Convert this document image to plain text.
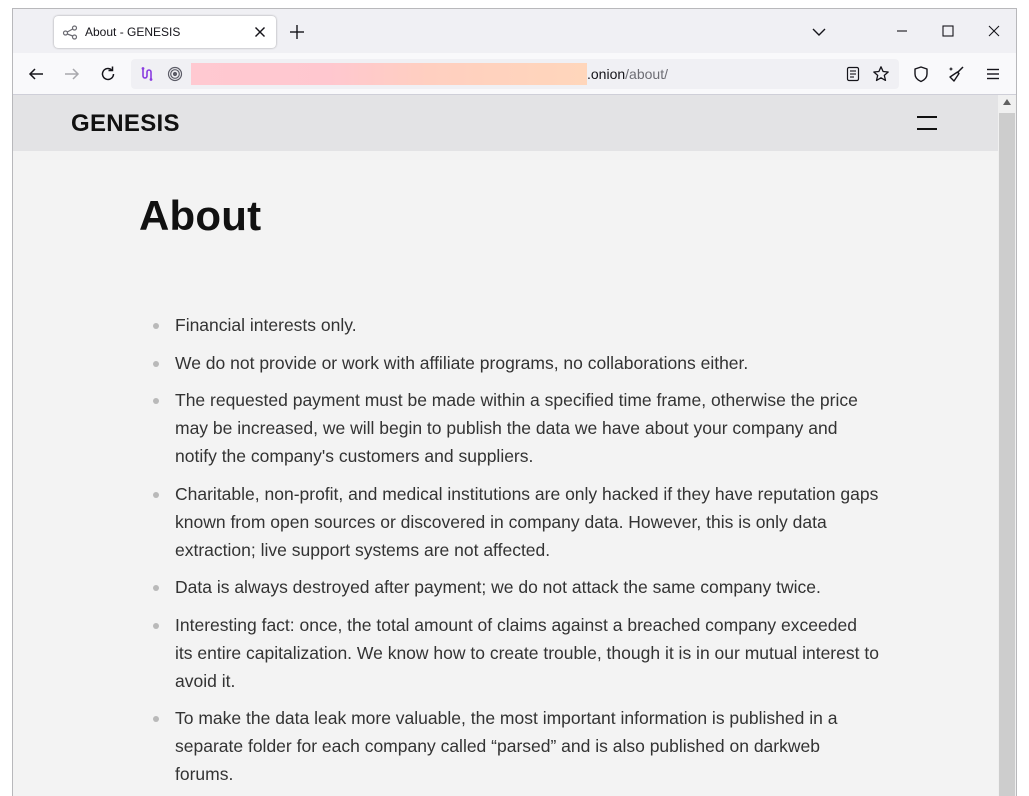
About - GENESIS
.onion/about/
GENESIS
About
Financial interests only.
We do not provide or work with affiliate programs, no collaborations either.
The requested payment must be made within a specified time frame, otherwise the price may be increased, we will begin to publish the data we have about your company and notify the company's customers and suppliers.
Charitable, non-profit, and medical institutions are only hacked if they have reputation gaps known from open sources or discovered in company data. However, this is only data extraction; live support systems are not affected.
Data is always destroyed after payment; we do not attack the same company twice.
Interesting fact: once, the total amount of claims against a breached company exceeded its entire capitalization. We know how to create trouble, though it is in our mutual interest to avoid it.
To make the data leak more valuable, the most important information is published in a separate folder for each company called “parsed” and is also published on darkweb forums.
